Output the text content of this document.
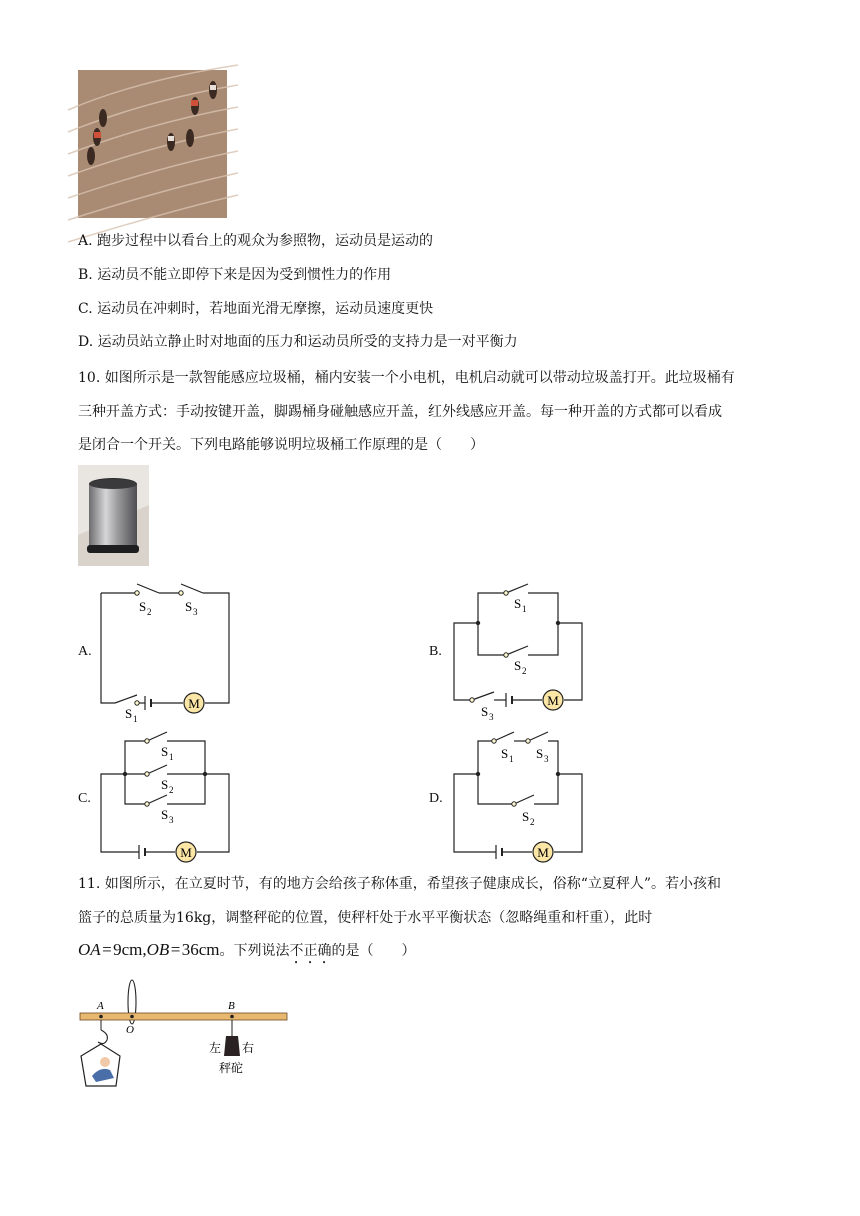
A. 跑步过程中以看台上的观众为参照物，运动员是运动的
B. 运动员不能立即停下来是因为受到惯性力的作用
C. 运动员在冲刺时，若地面光滑无摩擦，运动员速度更快
D. 运动员站立静止时对地面的压力和运动员所受的支持力是一对平衡力
10. 如图所示是一款智能感应垃圾桶，桶内安装一个小电机，电机启动就可以带动垃圾盖打开。此垃圾桶有
三种开盖方式：手动按键开盖，脚踢桶身碰触感应开盖，红外线感应开盖。每一种开盖的方式都可以看成
是闭合一个开关。下列电路能够说明垃圾桶工作原理的是（　　）
A.
M
S 2	S 3
S 1
B.
M
S 1
S 2
S 3
C.
M
S 1
S 2
S 3
D.
M
S 1 S 3
S 2
11. 如图所示，在立夏时节，有的地方会给孩子称体重，希望孩子健康成长，俗称“立夏秤人”。若小孩和
篮子的总质量为16kg，调整秤砣的位置，使秤杆处于水平平衡状态（忽略绳重和杆重），此时
OA = 9cm,OB = 36cm。下列说法不正确的是（　　）
A
O
B
左 右
秤砣
